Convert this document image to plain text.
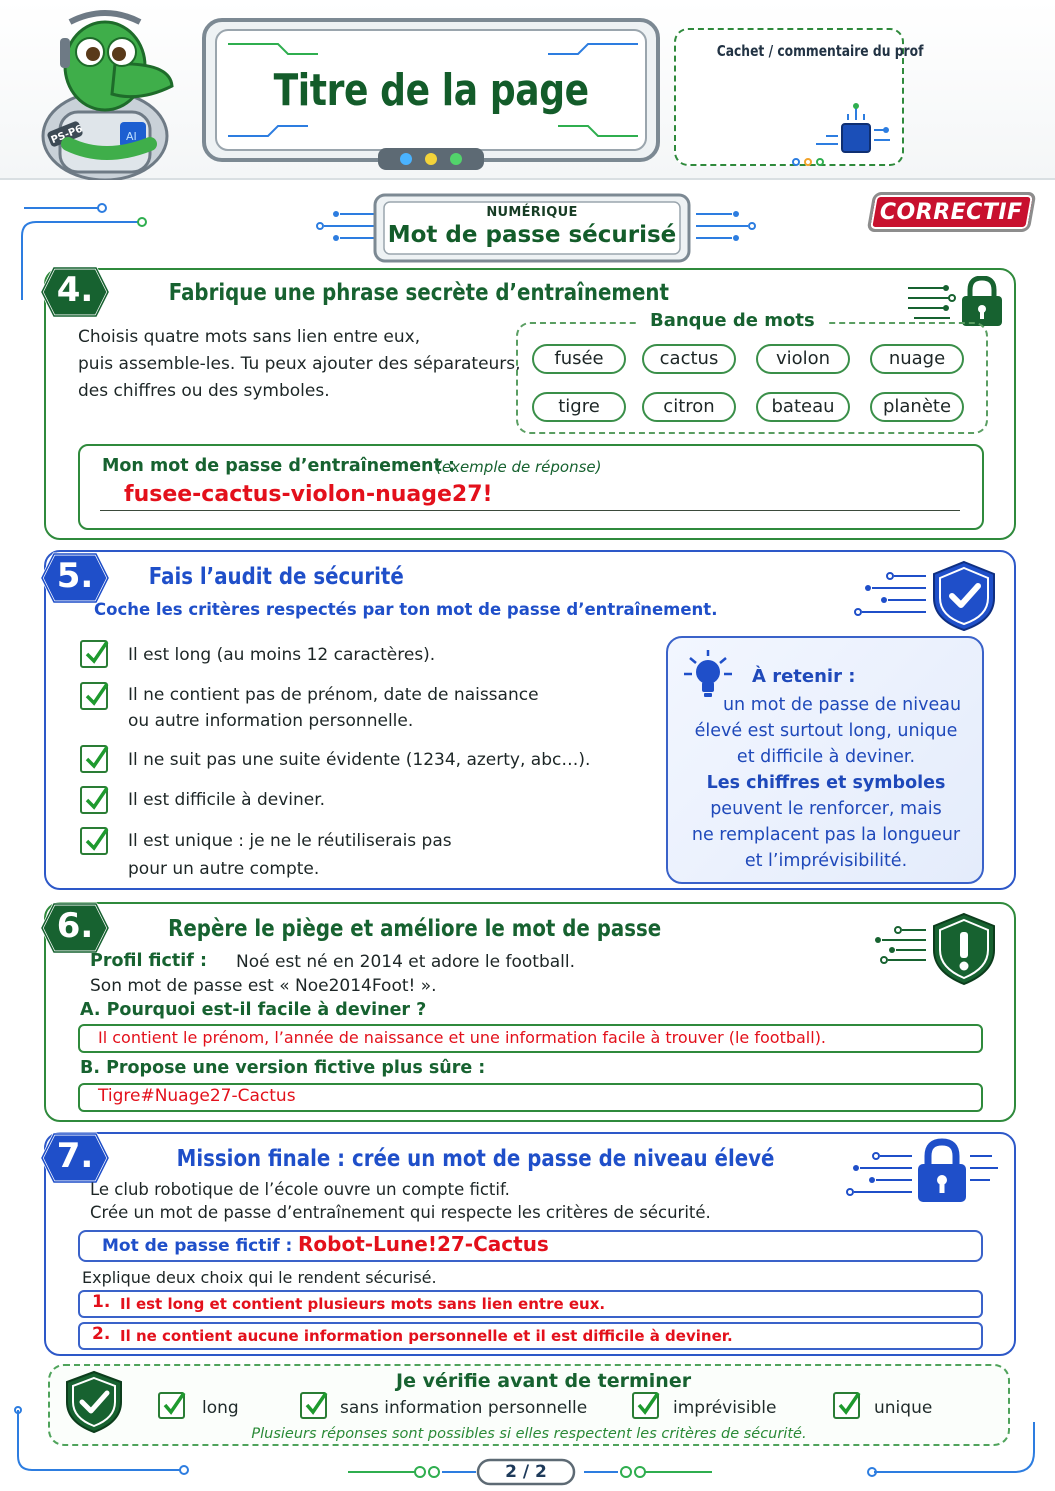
AI
PS-P6
Titre de la page
Cachet / commentaire du prof
NUMÉRIQUE
Mot de passe sécurisé
CORRECTIF
4.	Fabrique une phrase secrète d’entraînement
Choisis quatre mots sans lien entre eux,
puis assemble-les. Tu peux ajouter des séparateurs,
des chiffres ou des symboles.
Banque de mots
fusée	cactus	violon	nuage
tigre	citron	bateau	planète
Mon mot de passe d’entraînement :
(exemple de réponse)
fusee-cactus-violon-nuage27!
5.	Fais l’audit de sécurité
Coche les critères respectés par ton mot de passe d’entraînement.
Il est long (au moins 12 caractères).
Il ne contient pas de prénom, date de naissance
ou autre information personnelle.
Il ne suit pas une suite évidente (1234, azerty, abc…).
Il est difficile à deviner.
Il est unique : je ne le réutiliserais pas
pour un autre compte.
À retenir :
un mot de passe de niveau
élevé est surtout long, unique
et difficile à deviner.
Les chiffres et symboles
peuvent le renforcer, mais
ne remplacent pas la longueur
et l’imprévisibilité.
6.	Repère le piège et améliore le mot de passe
Profil fictif : Noé est né en 2014 et adore le football.
Son mot de passe est « Noe2014Foot! ».
A. Pourquoi est-il facile à deviner ?
Il contient le prénom, l’année de naissance et une information facile à trouver (le football).
B. Propose une version fictive plus sûre :
Tigre#Nuage27-Cactus
7.	Mission finale : crée un mot de passe de niveau élevé
Le club robotique de l’école ouvre un compte fictif.
Crée un mot de passe d’entraînement qui respecte les critères de sécurité.
Mot de passe fictif : Robot-Lune!27-Cactus
Explique deux choix qui le rendent sécurisé.
1. Il est long et contient plusieurs mots sans lien entre eux.
2. Il ne contient aucune information personnelle et il est difficile à deviner.
Je vérifie avant de terminer
long	sans information personnelle	imprévisible	unique
Plusieurs réponses sont possibles si elles respectent les critères de sécurité.
2 / 2
